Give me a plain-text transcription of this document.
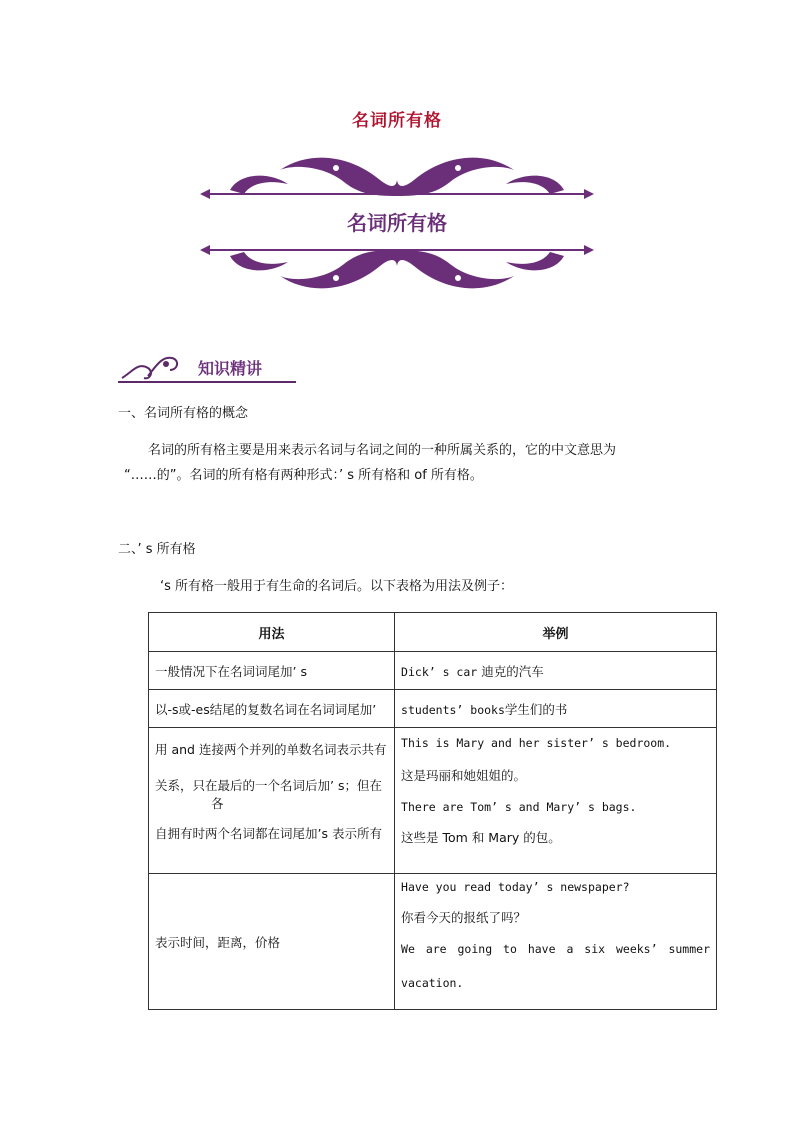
名词所有格
名词所有格
知识精讲
一、名词所有格的概念
名词的所有格主要是用来表示名词与名词之间的一种所属关系的，它的中文意思为
“……的”。名词的所有格有两种形式：’ s 所有格和 of 所有格。
二、’ s 所有格
‘s 所有格一般用于有生命的名词后。以下表格为用法及例子：
用法	举例

一般情况下在名词词尾加’ s	Dick’ s car 迪克的汽车

以-s或-es结尾的复数名词在名词词尾加’	students’ books学生们的书

用 and 连接两个并列的单数名词表示共有
关系，只在最后的一个名词后加’ s；但在
各
自拥有时两个名词都在词尾加’s 表示所有	This is Mary and her sister’ s bedroom.
这是玛丽和她姐姐的。
There are Tom’ s and Mary’ s bags.
这些是 Tom 和 Mary 的包。

表示时间，距离，价格	Have you read today’ s newspaper?
你看今天的报纸了吗？
We are going to have a six weeks’ summer
vacation.
